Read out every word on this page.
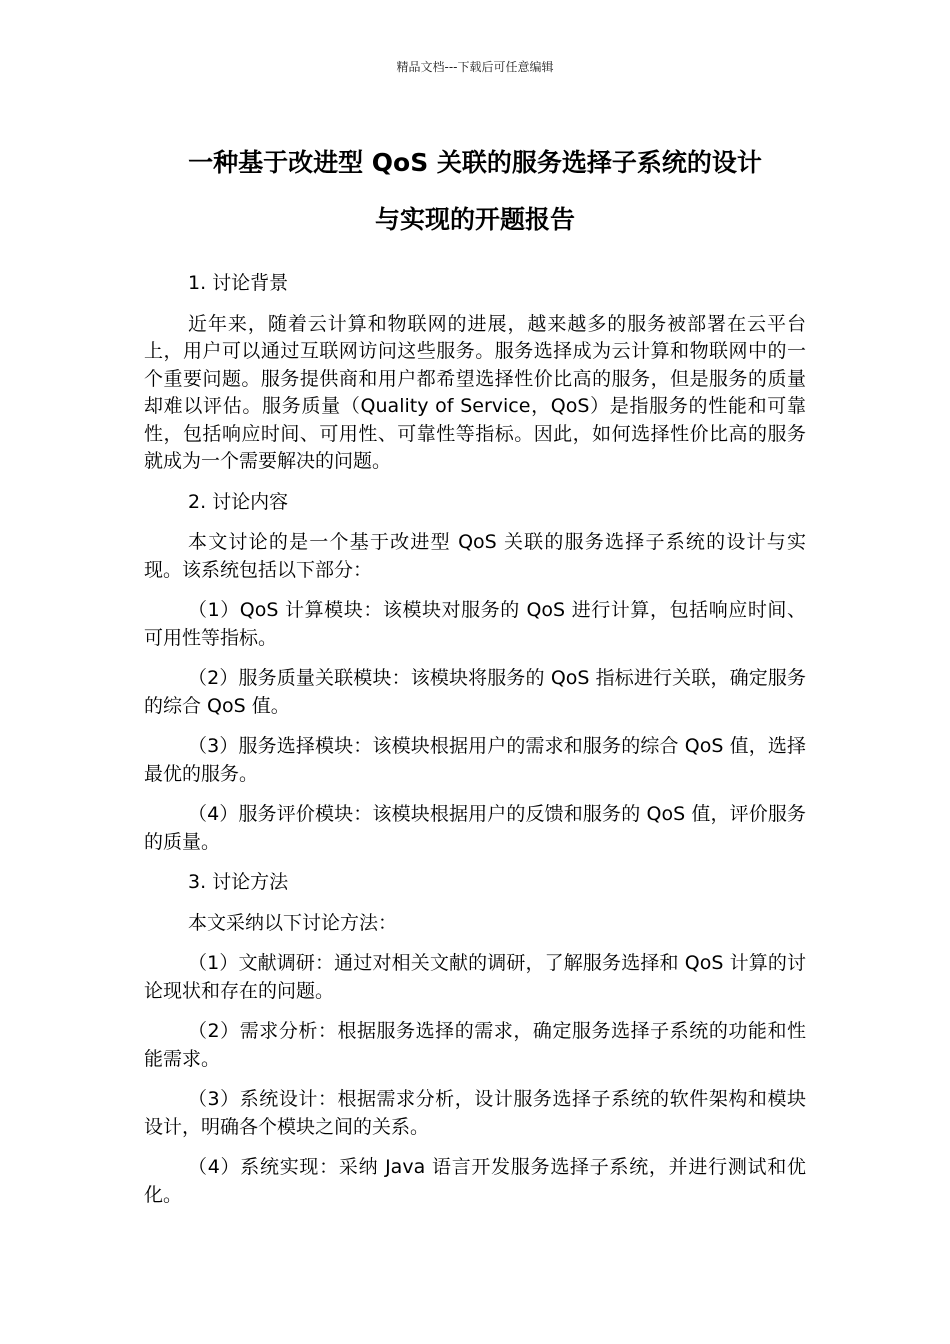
精品文档---下载后可任意编辑
一种基于改进型 QoS 关联的服务选择子系统的设计
与实现的开题报告

1. 讨论背景

近年来，随着云计算和物联网的进展，越来越多的服务被部署在云平台上，用户可以通过互联网访问这些服务。服务选择成为云计算和物联网中的一个重要问题。服务提供商和用户都希望选择性价比高的服务，但是服务的质量却难以评估。服务质量（Quality of Service，QoS）是指服务的性能和可靠性，包括响应时间、可用性、可靠性等指标。因此，如何选择性价比高的服务就成为一个需要解决的问题。

2. 讨论内容

本文讨论的是一个基于改进型 QoS 关联的服务选择子系统的设计与实现。该系统包括以下部分：

（1）QoS 计算模块：该模块对服务的 QoS 进行计算，包括响应时间、可用性等指标。

（2）服务质量关联模块：该模块将服务的 QoS 指标进行关联，确定服务的综合 QoS 值。

（3）服务选择模块：该模块根据用户的需求和服务的综合 QoS 值，选择最优的服务。

（4）服务评价模块：该模块根据用户的反馈和服务的 QoS 值，评价服务的质量。

3. 讨论方法

本文采纳以下讨论方法：

（1）文献调研：通过对相关文献的调研，了解服务选择和 QoS 计算的讨论现状和存在的问题。

（2）需求分析：根据服务选择的需求，确定服务选择子系统的功能和性能需求。

（3）系统设计：根据需求分析，设计服务选择子系统的软件架构和模块设计，明确各个模块之间的关系。

（4）系统实现：采纳 Java 语言开发服务选择子系统，并进行测试和优化。
